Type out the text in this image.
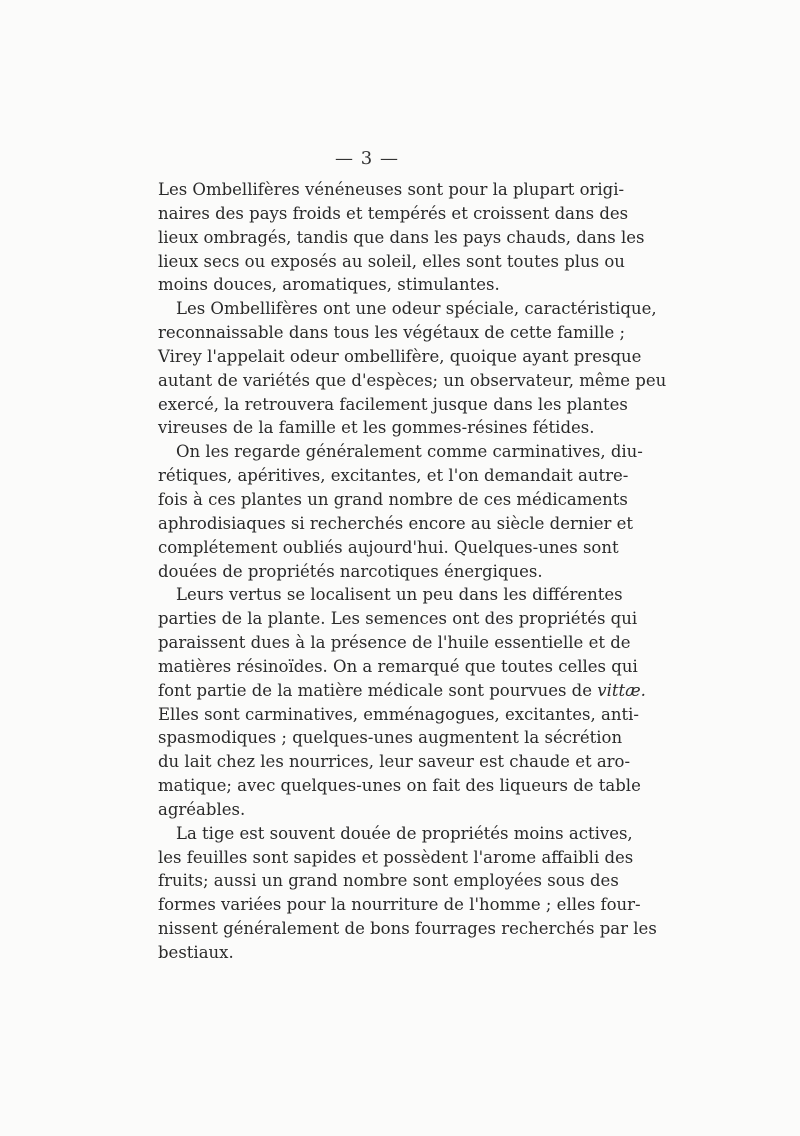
— 3 —
Les Ombellifères vénéneuses sont pour la plupart origi-
naires des pays froids et tempérés et croissent dans des
lieux ombragés, tandis que dans les pays chauds, dans les
lieux secs ou exposés au soleil, elles sont toutes plus ou
moins douces, aromatiques, stimulantes.
Les Ombellifères ont une odeur spéciale, caractéristique,
reconnaissable dans tous les végétaux de cette famille ;
Virey l'appelait odeur ombellifère, quoique ayant presque
autant de variétés que d'espèces; un observateur, même peu
exercé, la retrouvera facilement jusque dans les plantes
vireuses de la famille et les gommes-résines fétides.
On les regarde généralement comme carminatives, diu-
rétiques, apéritives, excitantes, et l'on demandait autre-
fois à ces plantes un grand nombre de ces médicaments
aphrodisiaques si recherchés encore au siècle dernier et
complétement oubliés aujourd'hui. Quelques-unes sont
douées de propriétés narcotiques énergiques.
Leurs vertus se localisent un peu dans les différentes
parties de la plante. Les semences ont des propriétés qui
paraissent dues à la présence de l'huile essentielle et de
matières résinoïdes. On a remarqué que toutes celles qui
font partie de la matière médicale sont pourvues de vittæ.
Elles sont carminatives, emménagogues, excitantes, anti-
spasmodiques ; quelques-unes augmentent la sécrétion
du lait chez les nourrices, leur saveur est chaude et aro-
matique; avec quelques-unes on fait des liqueurs de table
agréables.
La tige est souvent douée de propriétés moins actives,
les feuilles sont sapides et possèdent l'arome affaibli des
fruits; aussi un grand nombre sont employées sous des
formes variées pour la nourriture de l'homme ; elles four-
nissent généralement de bons fourrages recherchés par les
bestiaux.
